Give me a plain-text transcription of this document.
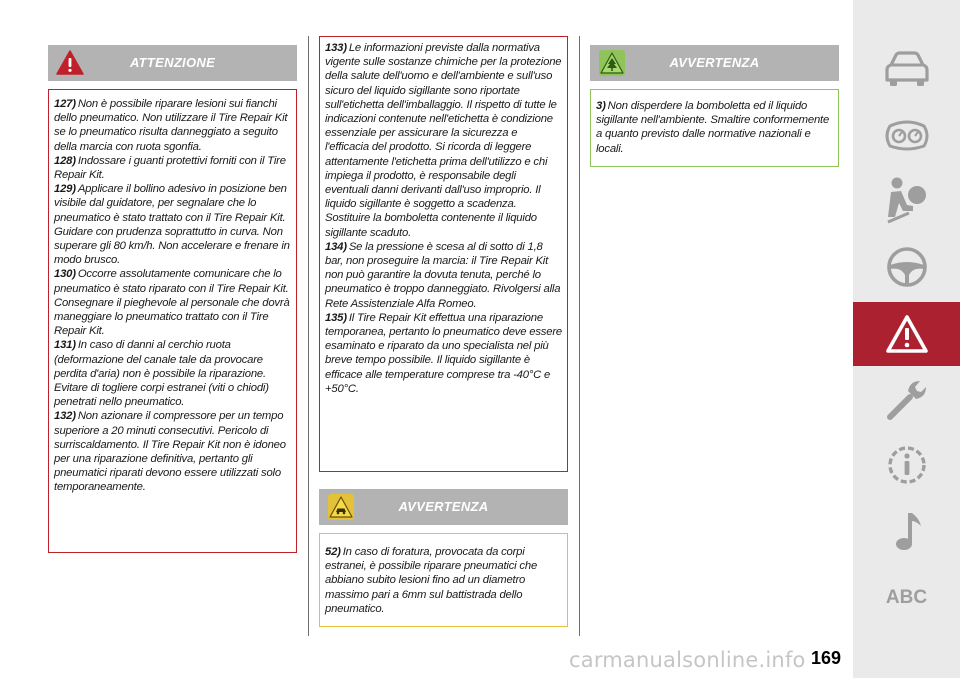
ATTENZIONE
127) Non è possibile riparare lesioni sui fianchi dello pneumatico. Non utilizzare il Tire Repair Kit se lo pneumatico risulta danneggiato a seguito della marcia con ruota sgonfia.
128) Indossare i guanti protettivi forniti con il Tire Repair Kit.
129) Applicare il bollino adesivo in posizione ben visibile dal guidatore, per segnalare che lo pneumatico è stato trattato con il Tire Repair Kit. Guidare con prudenza soprattutto in curva. Non superare gli 80 km/h. Non accelerare e frenare in modo brusco.
130) Occorre assolutamente comunicare che lo pneumatico è stato riparato con il Tire Repair Kit. Consegnare il pieghevole al personale che dovrà maneggiare lo pneumatico trattato con il Tire Repair Kit.
131) In caso di danni al cerchio ruota (deformazione del canale tale da provocare perdita d'aria) non è possibile la riparazione. Evitare di togliere corpi estranei (viti o chiodi) penetrati nello pneumatico.
132) Non azionare il compressore per un tempo superiore a 20 minuti consecutivi. Pericolo di surriscaldamento. Il Tire Repair Kit non è idoneo per una riparazione definitiva, pertanto gli pneumatici riparati devono essere utilizzati solo temporaneamente.
133) Le informazioni previste dalla normativa vigente sulle sostanze chimiche per la protezione della salute dell'uomo e dell'ambiente e sull'uso sicuro del liquido sigillante sono riportate sull'etichetta dell'imballaggio. Il rispetto di tutte le indicazioni contenute nell'etichetta è condizione essenziale per assicurare la sicurezza e l'efficacia del prodotto. Si ricorda di leggere attentamente l'etichetta prima dell'utilizzo e chi impiega il prodotto, è responsabile degli eventuali danni derivanti dall'uso improprio. Il liquido sigillante è soggetto a scadenza. Sostituire la bomboletta contenente il liquido sigillante scaduto.
134) Se la pressione è scesa al di sotto di 1,8 bar, non proseguire la marcia: il Tire Repair Kit non può garantire la dovuta tenuta, perché lo pneumatico è troppo danneggiato. Rivolgersi alla Rete Assistenziale Alfa Romeo.
135) Il Tire Repair Kit effettua una riparazione temporanea, pertanto lo pneumatico deve essere esaminato e riparato da uno specialista nel più breve tempo possibile. Il liquido sigillante è efficace alle temperature comprese tra -40°C e +50°C.
AVVERTENZA
52) In caso di foratura, provocata da corpi estranei, è possibile riparare pneumatici che abbiano subito lesioni fino ad un diametro massimo pari a 6mm sul battistrada dello pneumatico.
AVVERTENZA
3) Non disperdere la bomboletta ed il liquido sigillante nell'ambiente. Smaltire conformemente a quanto previsto dalle normative nazionali e locali.
ABC
169
carmanualsonline.info
